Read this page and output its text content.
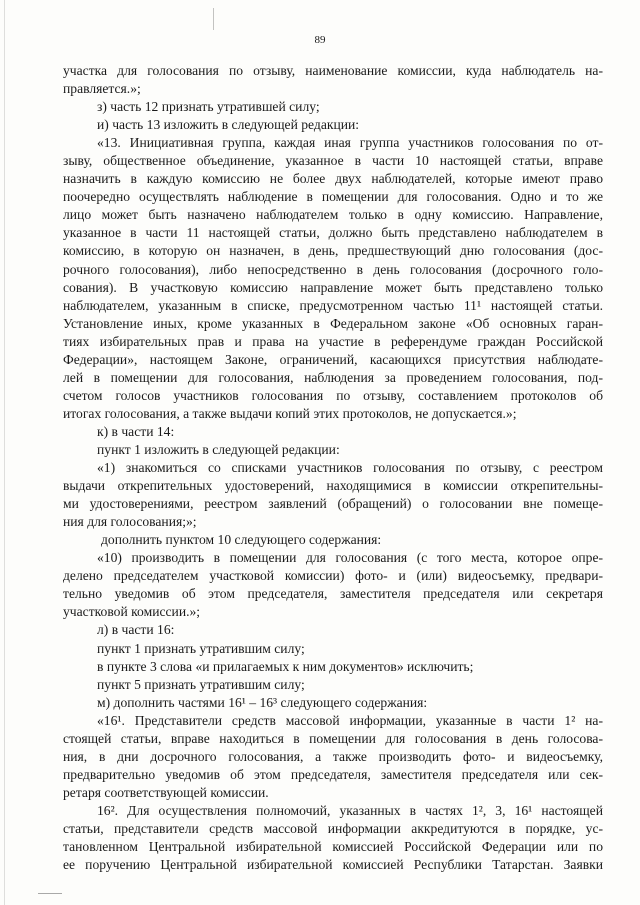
89
участка для голосования по отзыву, наименование комиссии, куда наблюдатель на-
правляется.»;
з) часть 12 признать утратившей силу;
и) часть 13 изложить в следующей редакции:
«13. Инициативная группа, каждая иная группа участников голосования по от-
зыву, общественное объединение, указанное в части 10 настоящей статьи, вправе
назначить в каждую комиссию не более двух наблюдателей, которые имеют право
поочередно осуществлять наблюдение в помещении для голосования. Одно и то же
лицо может быть назначено наблюдателем только в одну комиссию. Направление,
указанное в части 11 настоящей статьи, должно быть представлено наблюдателем в
комиссию, в которую он назначен, в день, предшествующий дню голосования (дос-
рочного голосования), либо непосредственно в день голосования (досрочного голо-
сования). В участковую комиссию направление может быть представлено только
наблюдателем, указанным в списке, предусмотренном частью 11¹ настоящей статьи.
Установление иных, кроме указанных в Федеральном законе «Об основных гаран-
тиях избирательных прав и права на участие в референдуме граждан Российской
Федерации», настоящем Законе, ограничений, касающихся присутствия наблюдате-
лей в помещении для голосования, наблюдения за проведением голосования, под-
счетом голосов участников голосования по отзыву, составлением протоколов об
итогах голосования, а также выдачи копий этих протоколов, не допускается.»;
к) в части 14:
пункт 1 изложить в следующей редакции:
«1) знакомиться со списками участников голосования по отзыву, с реестром
выдачи открепительных удостоверений, находящимися в комиссии открепительны-
ми удостоверениями, реестром заявлений (обращений) о голосовании вне помеще-
ния для голосования;»;
дополнить пунктом 10 следующего содержания:
«10) производить в помещении для голосования (с того места, которое опре-
делено председателем участковой комиссии) фото- и (или) видеосъемку, предвари-
тельно уведомив об этом председателя, заместителя председателя или секретаря
участковой комиссии.»;
л) в части 16:
пункт 1 признать утратившим силу;
в пункте 3 слова «и прилагаемых к ним документов» исключить;
пункт 5 признать утратившим силу;
м) дополнить частями 16¹ – 16³ следующего содержания:
«16¹. Представители средств массовой информации, указанные в части 1² на-
стоящей статьи, вправе находиться в помещении для голосования в день голосова-
ния, в дни досрочного голосования, а также производить фото- и видеосъемку,
предварительно уведомив об этом председателя, заместителя председателя или сек-
ретаря соответствующей комиссии.
16². Для осуществления полномочий, указанных в частях 1², 3, 16¹ настоящей
статьи, представители средств массовой информации аккредитуются в порядке, ус-
тановленном Центральной избирательной комиссией Российской Федерации или по
ее поручению Центральной избирательной комиссией Республики Татарстан. Заявки
